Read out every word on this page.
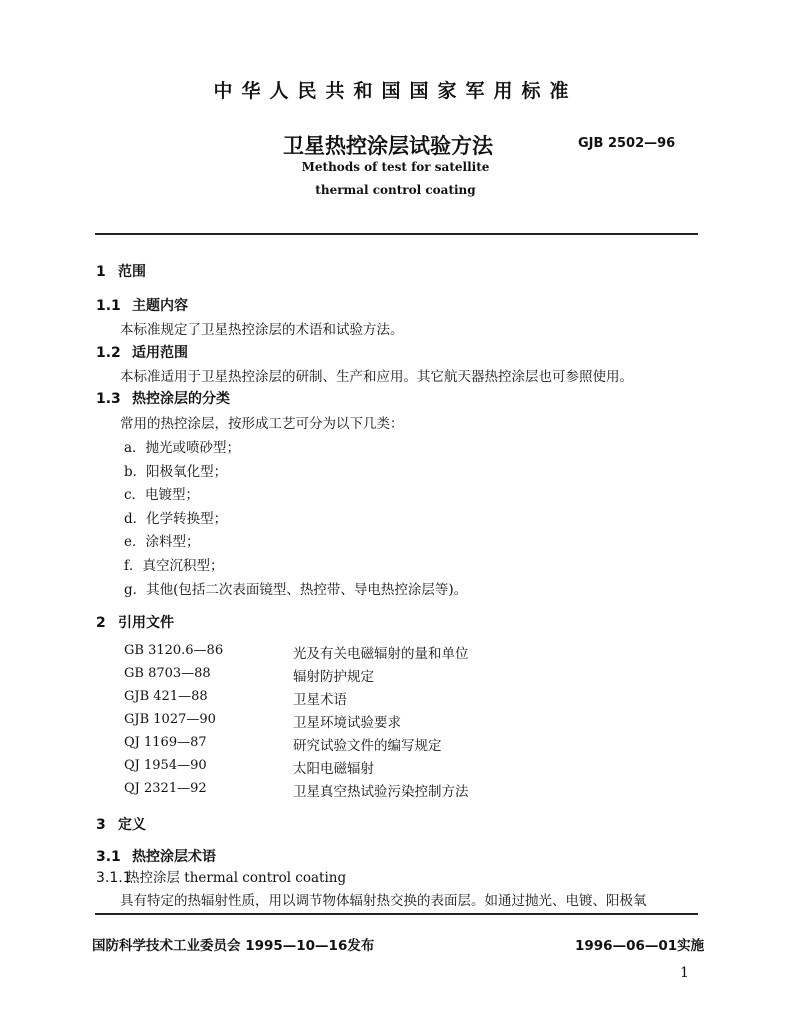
中华人民共和国国家军用标准
卫星热控涂层试验方法	GJB 2502—96
Methods of test for satellite
thermal control coating
1 范围
1.1 主题内容
本标准规定了卫星热控涂层的术语和试验方法。
1.2 适用范围
本标准适用于卫星热控涂层的研制、生产和应用。其它航天器热控涂层也可参照使用。
1.3 热控涂层的分类
常用的热控涂层，按形成工艺可分为以下几类：
a．抛光或喷砂型；
b．阳极氧化型；
c．电镀型；
d．化学转换型；
e．涂料型；
f．真空沉积型；
g．其他(包括二次表面镜型、热控带、导电热控涂层等)。
2 引用文件
GB 3120.6—86	光及有关电磁辐射的量和单位
GB 8703—88	辐射防护规定
GJB 421—88	卫星术语
GJB 1027—90	卫星环境试验要求
QJ 1169—87	研究试验文件的编写规定
QJ 1954—90	太阳电磁辐射
QJ 2321—92	卫星真空热试验污染控制方法
3 定义
3.1 热控涂层术语
3.1.1热控涂层 thermal control coating
具有特定的热辐射性质，用以调节物体辐射热交换的表面层。如通过抛光、电镀、阳极氧
国防科学技术工业委员会 1995—10—16发布	1996—06—01实施
1
